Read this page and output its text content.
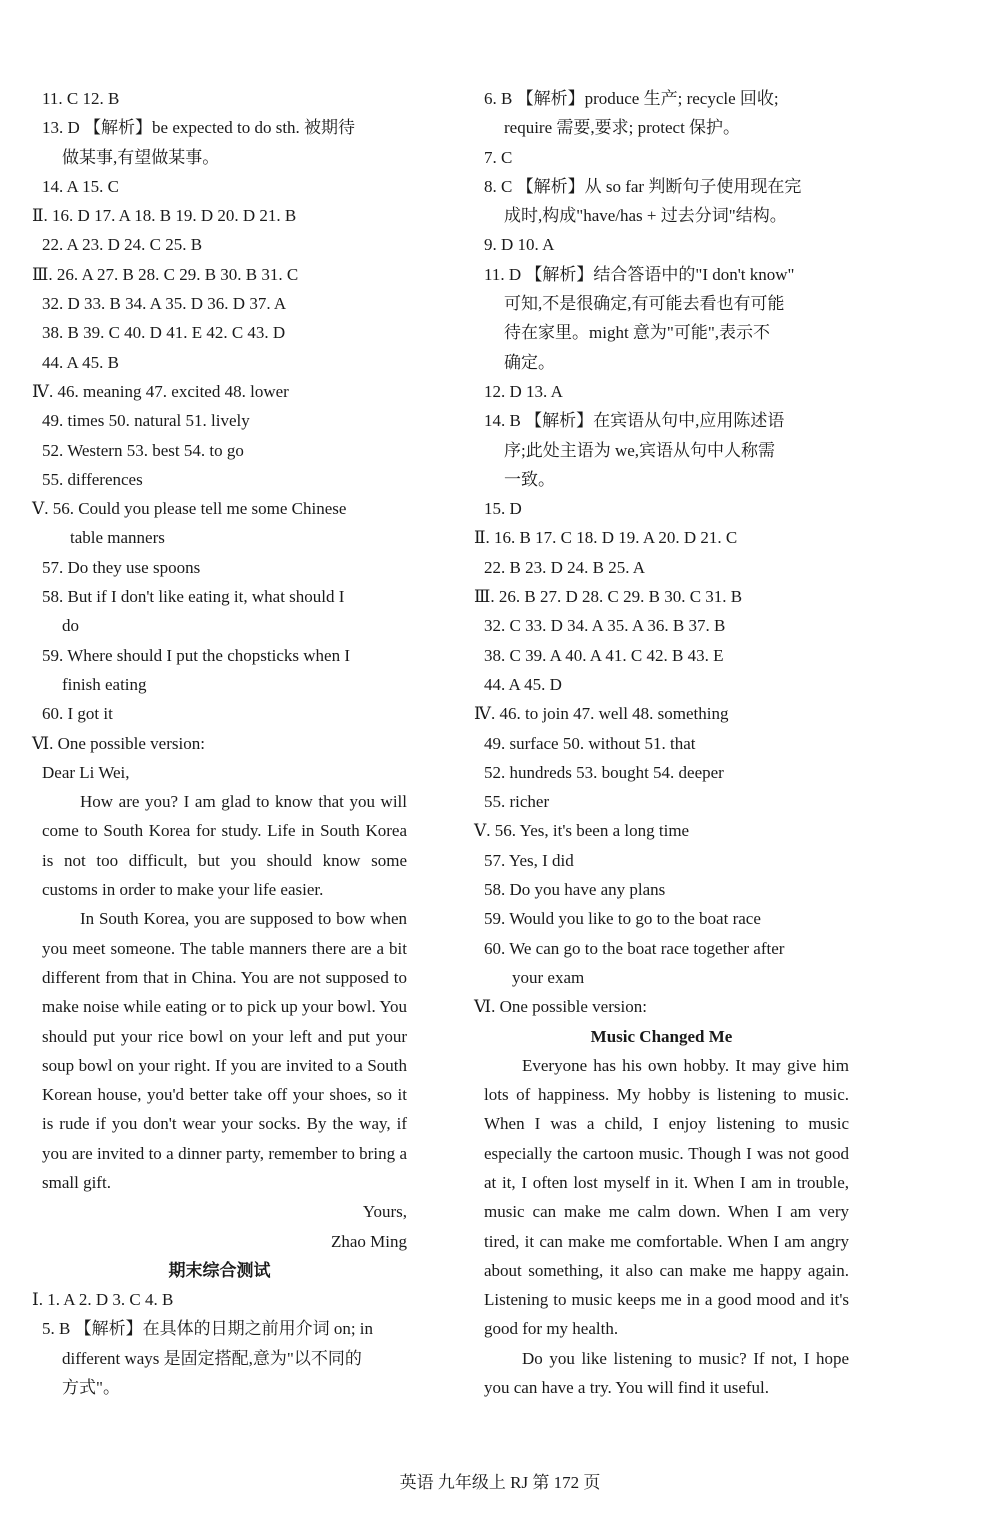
11. C 12. B
13. D 【解析】be expected to do sth. 被期待
做某事,有望做某事。
14. A 15. C
Ⅱ. 16. D 17. A 18. B 19. D 20. D 21. B
22. A 23. D 24. C 25. B
Ⅲ. 26. A 27. B 28. C 29. B 30. B 31. C
32. D 33. B 34. A 35. D 36. D 37. A
38. B 39. C 40. D 41. E 42. C 43. D
44. A 45. B
Ⅳ. 46. meaning 47. excited 48. lower
49. times 50. natural 51. lively
52. Western 53. best 54. to go
55. differences
Ⅴ. 56. Could you please tell me some Chinese
table manners
57. Do they use spoons
58. But if I don't like eating it, what should I
do
59. Where should I put the chopsticks when I
finish eating
60. I got it
Ⅵ. One possible version:
Dear Li Wei,
How are you? I am glad to know that you will come to South Korea for study. Life in South Korea is not too difficult, but you should know some customs in order to make your life easier.
In South Korea, you are supposed to bow when you meet someone. The table manners there are a bit different from that in China. You are not supposed to make noise while eating or to pick up your bowl. You should put your rice bowl on your left and put your soup bowl on your right. If you are invited to a South Korean house, you'd better take off your shoes, so it is rude if you don't wear your socks. By the way, if you are invited to a dinner party, remember to bring a small gift.
Yours,
Zhao Ming
期末综合测试
Ⅰ. 1. A 2. D 3. C 4. B
5. B 【解析】在具体的日期之前用介词 on; in
different ways 是固定搭配,意为"以不同的
方式"。
6. B 【解析】produce 生产; recycle 回收;
require 需要,要求; protect 保护。
7. C
8. C 【解析】从 so far 判断句子使用现在完
成时,构成"have/has + 过去分词"结构。
9. D 10. A
11. D 【解析】结合答语中的"I don't know"
可知,不是很确定,有可能去看也有可能
待在家里。might 意为"可能",表示不
确定。
12. D 13. A
14. B 【解析】在宾语从句中,应用陈述语
序;此处主语为 we,宾语从句中人称需
一致。
15. D
Ⅱ. 16. B 17. C 18. D 19. A 20. D 21. C
22. B 23. D 24. B 25. A
Ⅲ. 26. B 27. D 28. C 29. B 30. C 31. B
32. C 33. D 34. A 35. A 36. B 37. B
38. C 39. A 40. A 41. C 42. B 43. E
44. A 45. D
Ⅳ. 46. to join 47. well 48. something
49. surface 50. without 51. that
52. hundreds 53. bought 54. deeper
55. richer
Ⅴ. 56. Yes, it's been a long time
57. Yes, I did
58. Do you have any plans
59. Would you like to go to the boat race
60. We can go to the boat race together after
your exam
Ⅵ. One possible version:
Music Changed Me
Everyone has his own hobby. It may give him lots of happiness. My hobby is listening to music. When I was a child, I enjoy listening to music especially the cartoon music. Though I was not good at it, I often lost myself in it. When I am in trouble, music can make me calm down. When I am very tired, it can make me comfortable. When I am angry about something, it also can make me happy again. Listening to music keeps me in a good mood and it's good for my health.
Do you like listening to music? If not, I hope you can have a try. You will find it useful.
英语 九年级上 RJ 第 172 页
